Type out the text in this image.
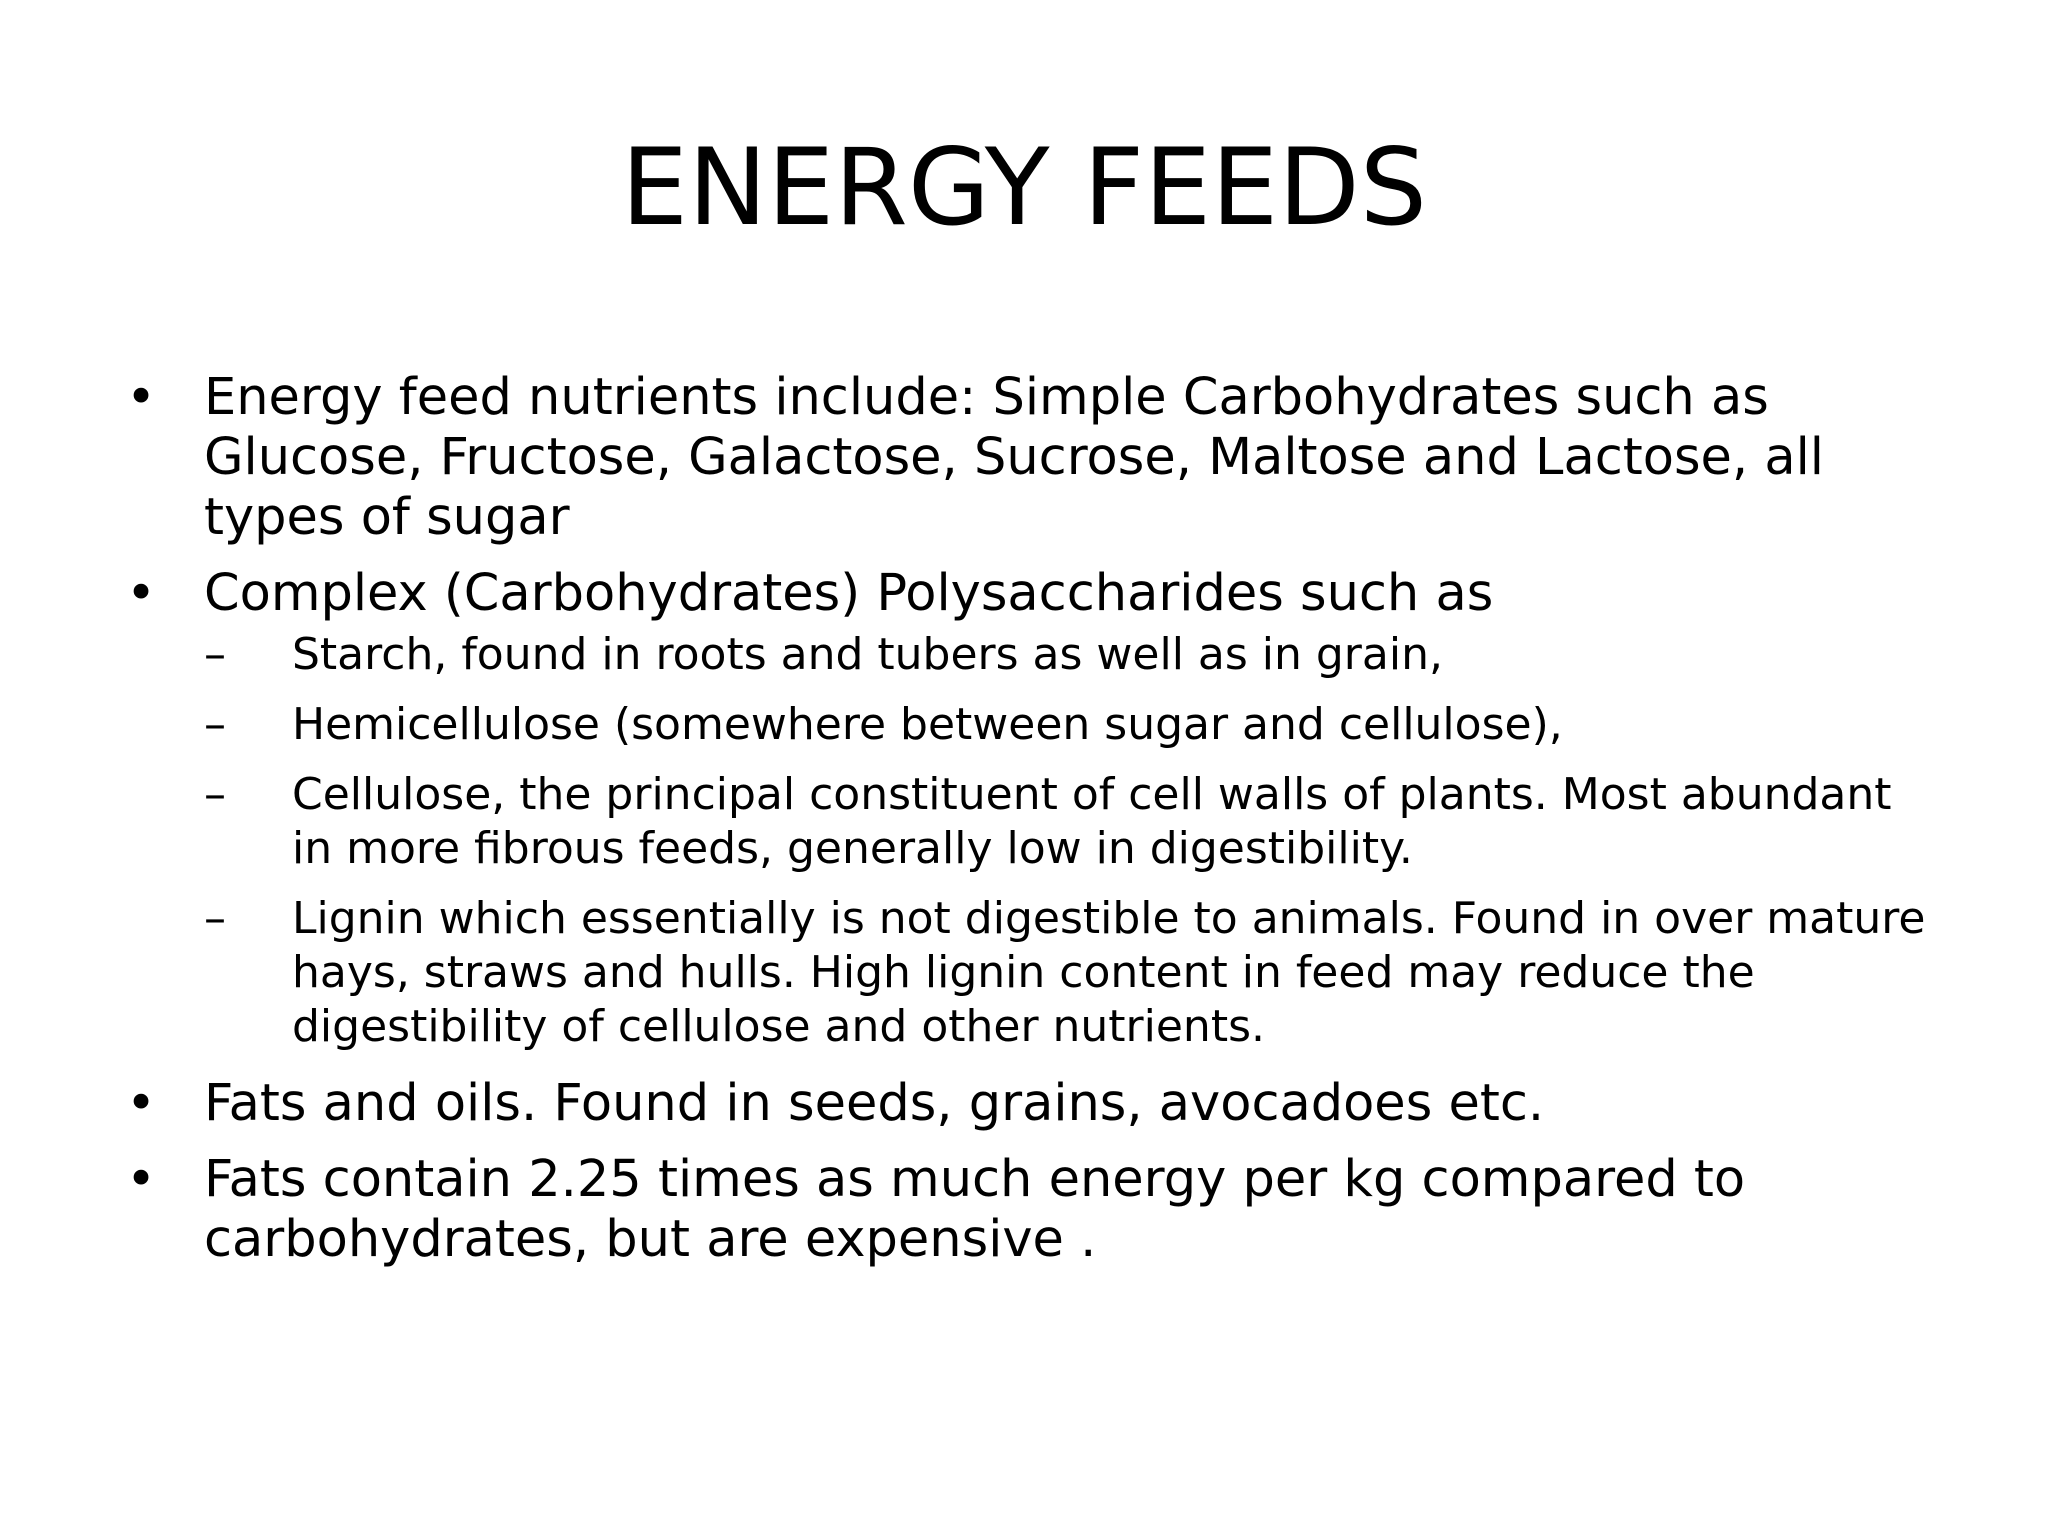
ENERGY FEEDS
• Energy feed nutrients include: Simple Carbohydrates such as Glucose, Fructose, Galactose, Sucrose, Maltose and Lactose, all types of sugar
• Complex (Carbohydrates) Polysaccharides such as
– Starch, found in roots and tubers as well as in grain,
– Hemicellulose (somewhere between sugar and cellulose),
– Cellulose, the principal constituent of cell walls of plants. Most abundant in more fibrous feeds, generally low in digestibility.
– Lignin which essentially is not digestible to animals. Found in over mature hays, straws and hulls. High lignin content in feed may reduce the digestibility of cellulose and other nutrients.
• Fats and oils. Found in seeds, grains, avocadoes etc.
• Fats contain 2.25 times as much energy per kg compared to carbohydrates, but are expensive .
